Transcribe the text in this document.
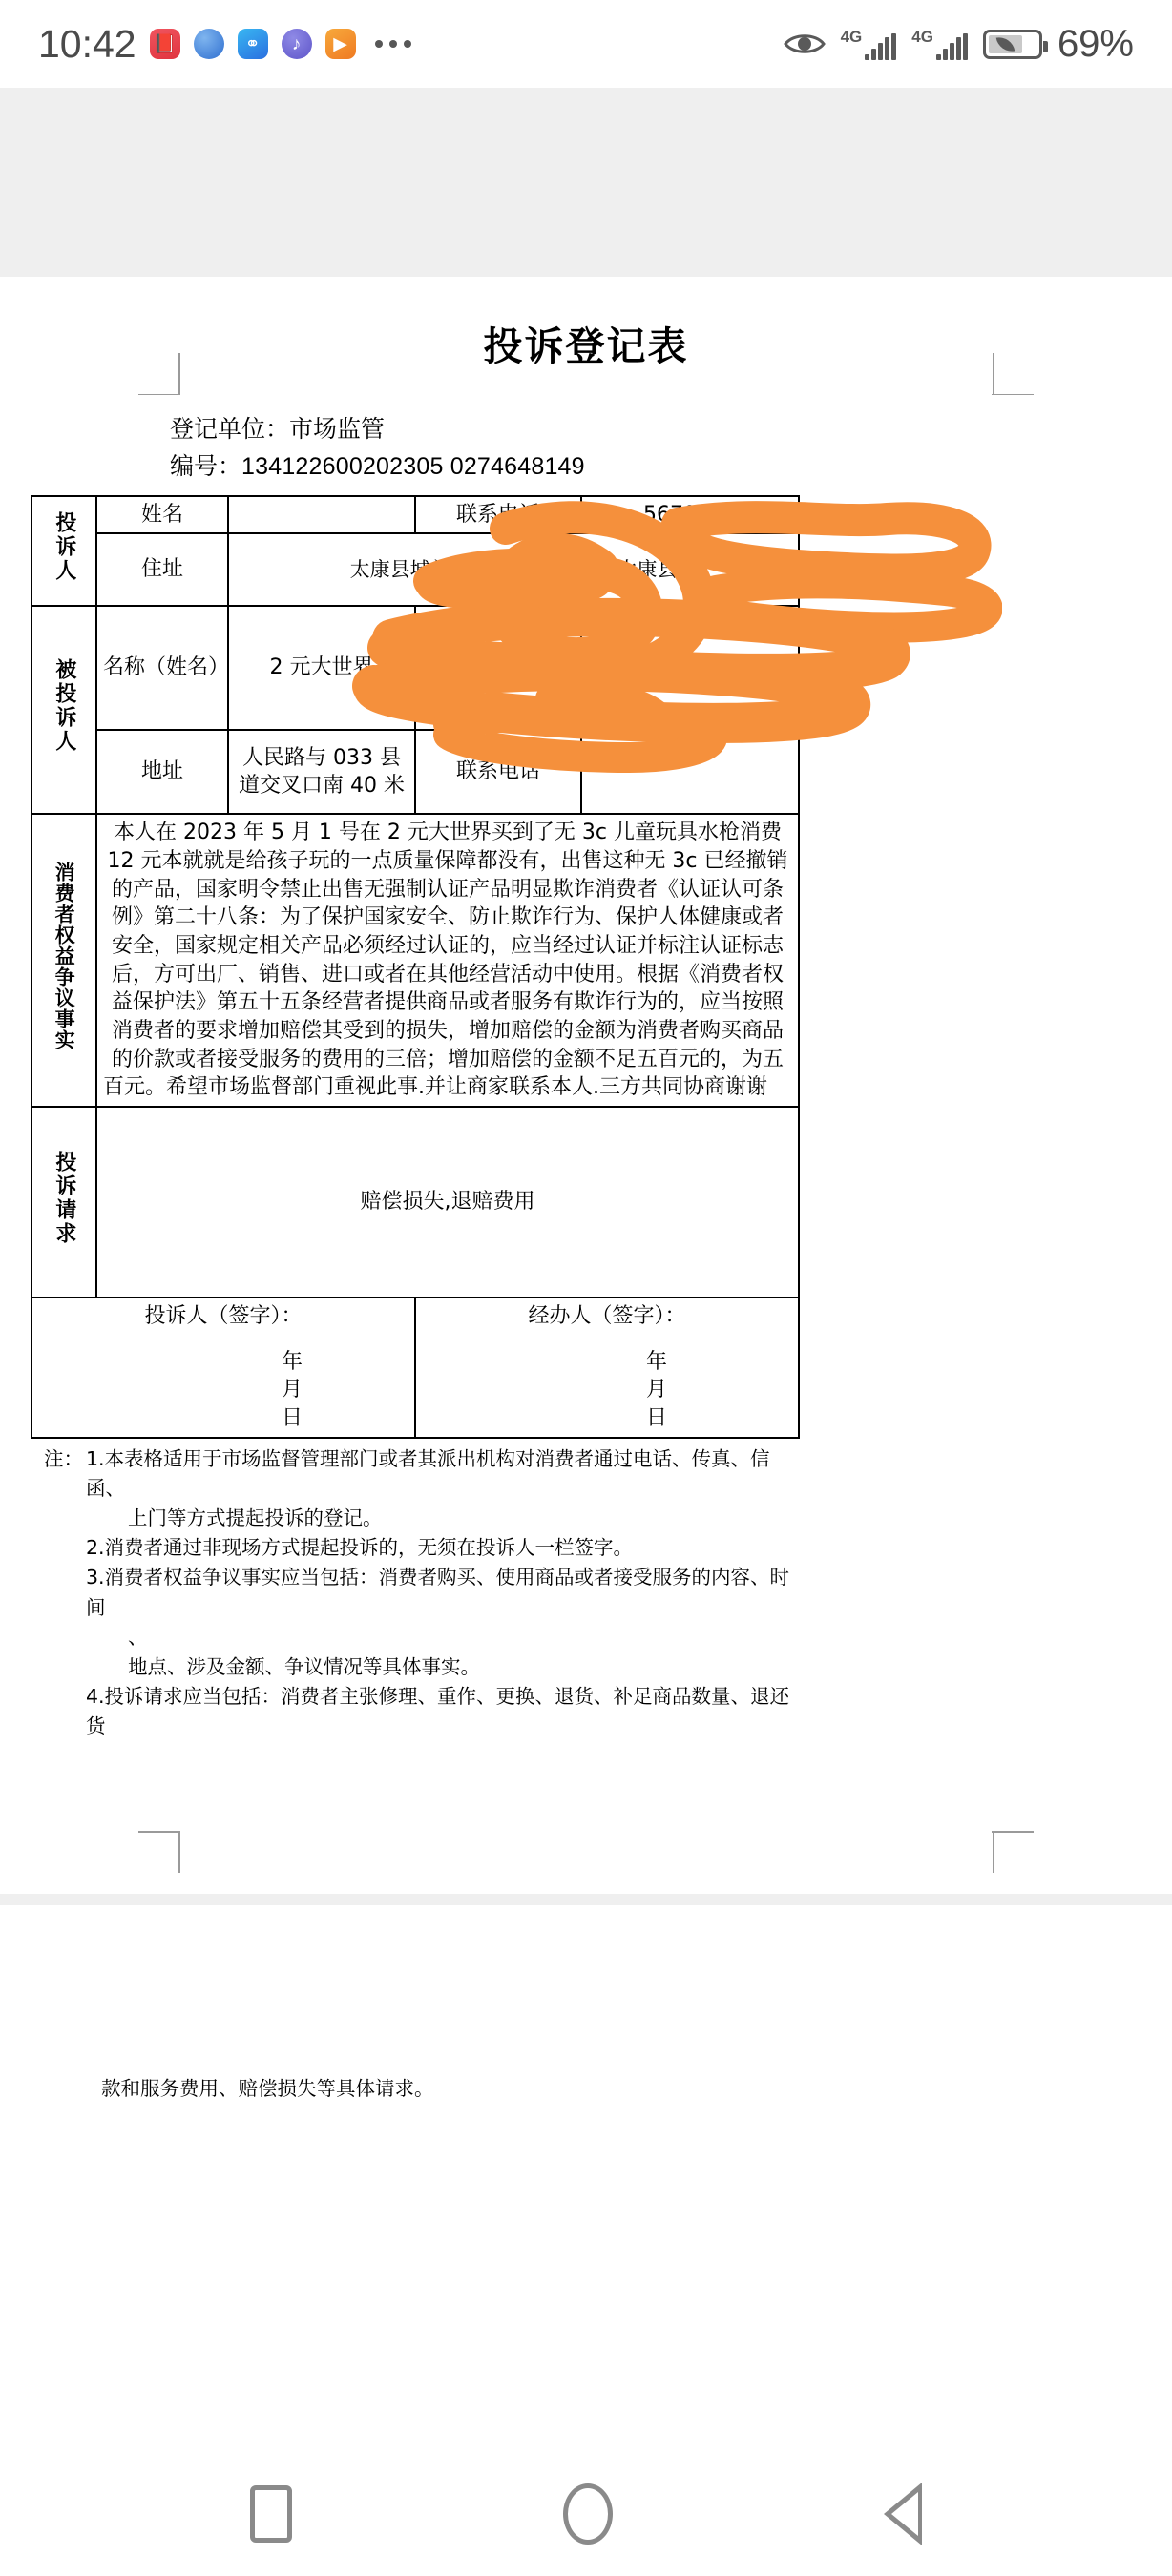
10:42 📕	⚭	♪	▶	4G	4G	69%
投诉登记表
登记单位：市场监管
编号：134122600202305 0274648149
投诉人	姓名		联系电话	5670123
	住址	太康县城关回族镇 河南省周口太康县		
被投诉人	名称（姓名）	2 元大世界	联系人	
	地址	人民路与 033 县道交叉口南 40 米	联系电话	
消费者权益争议事实	本人在 2023 年 5 月 1 号在 2 元大世界买到了无 3c 儿童玩具水枪消费 12 元本就就是给孩子玩的一点质量保障都没有，出售这种无 3c 已经撤销的产品，国家明令禁止出售无强制认证产品明显欺诈消费者《认证认可条例》第二十八条：为了保护国家安全、防止欺诈行为、保护人体健康或者安全，国家规定相关产品必须经过认证的，应当经过认证并标注认证标志后，方可出厂、销售、进口或者在其他经营活动中使用。根据《消费者权益保护法》第五十五条经营者提供商品或者服务有欺诈行为的，应当按照消费者的要求增加赔偿其受到的损失，增加赔偿的金额为消费者购买商品的价款或者接受服务的费用的三倍；增加赔偿的金额不足五百元的，为五百元。希望市场监督部门重视此事.并让商家联系本人.三方共同协商谢谢			
投诉请求	赔偿损失,退赔费用			

投诉人（签字）：
年　　月　　日

经办人（签字）：
年　　月　　日
注： 1.本表格适用于市场监督管理部门或者其派出机构对消费者通过电话、传真、信函、
上门等方式提起投诉的登记。
2.消费者通过非现场方式提起投诉的，无须在投诉人一栏签字。
3.消费者权益争议事实应当包括：消费者购买、使用商品或者接受服务的内容、时间
、
地点、涉及金额、争议情况等具体事实。
4.投诉请求应当包括：消费者主张修理、重作、更换、退货、补足商品数量、退还货
款和服务费用、赔偿损失等具体请求。
